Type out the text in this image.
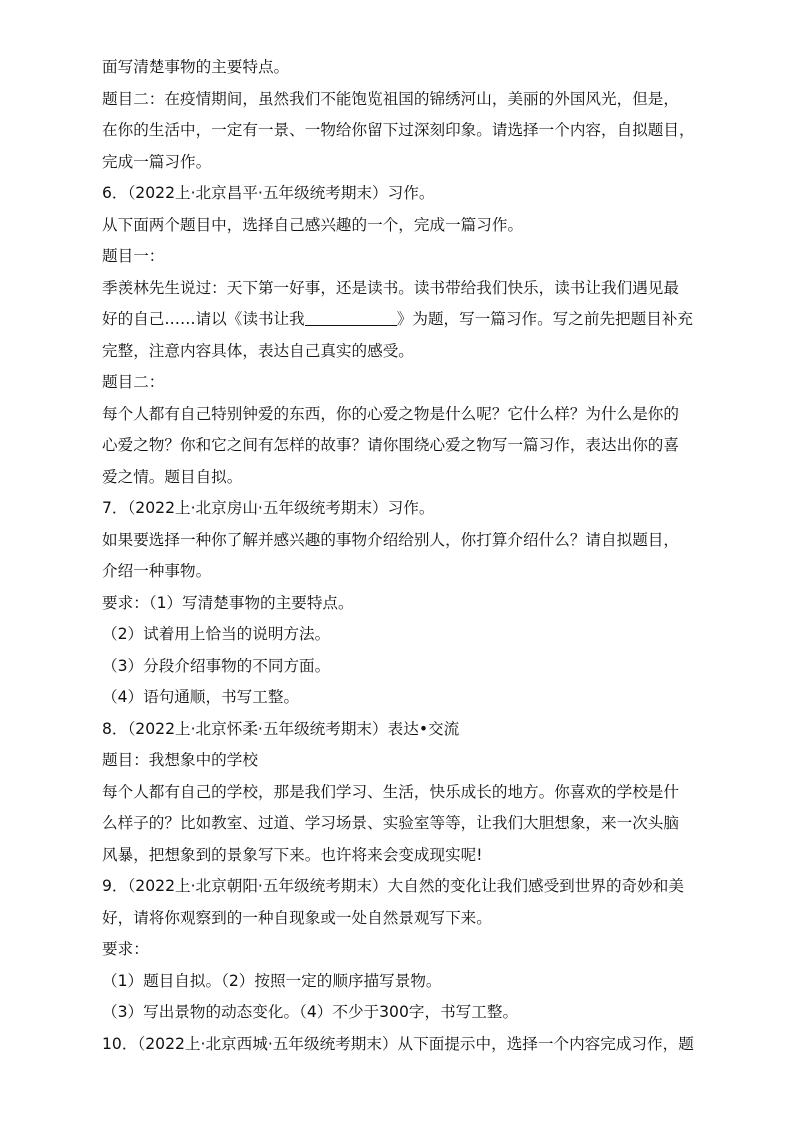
面写清楚事物的主要特点。

题目二：在疫情期间，虽然我们不能饱览祖国的锦绣河山，美丽的外国风光，但是，

在你的生活中，一定有一景、一物给你留下过深刻印象。请选择一个内容，自拟题目，

完成一篇习作。

6．（2022上·北京昌平·五年级统考期末）习作。

从下面两个题目中，选择自己感兴趣的一个，完成一篇习作。

题目一：

季羡林先生说过：天下第一好事，还是读书。读书带给我们快乐，读书让我们遇见最

好的自己……请以《读书让我	》为题，写一篇习作。写之前先把题目补充

完整，注意内容具体，表达自己真实的感受。

题目二：

每个人都有自己特别钟爱的东西，你的心爱之物是什么呢？它什么样？为什么是你的

心爱之物？你和它之间有怎样的故事？请你围绕心爱之物写一篇习作，表达出你的喜

爱之情。题目自拟。

7．（2022上·北京房山·五年级统考期末）习作。

如果要选择一种你了解并感兴趣的事物介绍给别人，你打算介绍什么？请自拟题目，

介绍一种事物。

要求：（1）写清楚事物的主要特点。

（2）试着用上恰当的说明方法。

（3）分段介绍事物的不同方面。

（4）语句通顺，书写工整。

8．（2022上·北京怀柔·五年级统考期末）表达•交流

题目：我想象中的学校

每个人都有自己的学校，那是我们学习、生活，快乐成长的地方。你喜欢的学校是什

么样子的？比如教室、过道、学习场景、实验室等等，让我们大胆想象，来一次头脑

风暴，把想象到的景象写下来。也许将来会变成现实呢!

9．（2022上·北京朝阳·五年级统考期末）大自然的变化让我们感受到世界的奇妙和美

好，请将你观察到的一种自现象或一处自然景观写下来。

要求：

（1）题目自拟。（2）按照一定的顺序描写景物。

（3）写出景物的动态变化。（4）不少于300字，书写工整。

10．（2022上·北京西城·五年级统考期末）从下面提示中，选择一个内容完成习作，题
